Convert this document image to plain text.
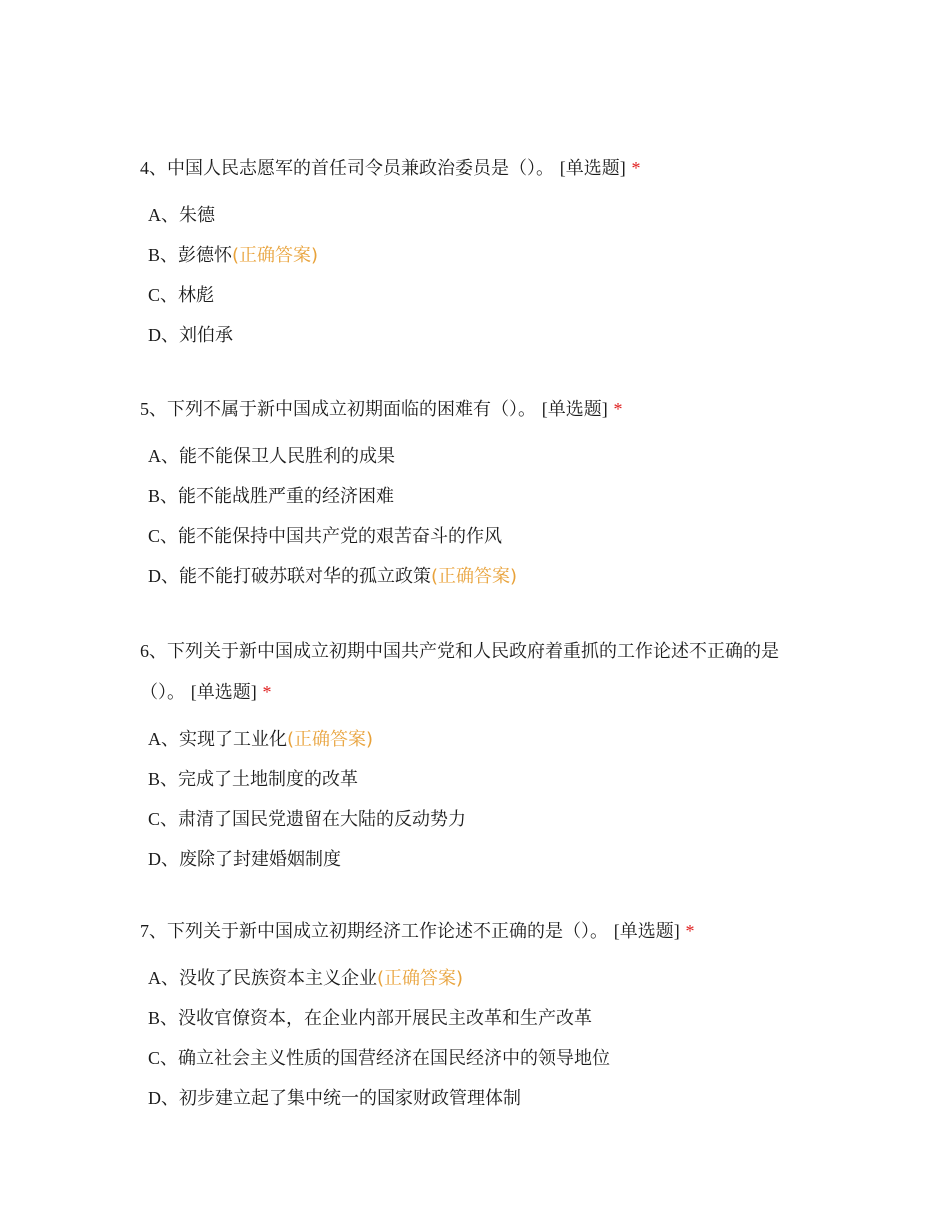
4、中国人民志愿军的首任司令员兼政治委员是（）。 [单选题] *

A、朱德
B、彭德怀(正确答案)
C、林彪
D、刘伯承

5、下列不属于新中国成立初期面临的困难有（）。 [单选题] *

A、能不能保卫人民胜利的成果
B、能不能战胜严重的经济困难
C、能不能保持中国共产党的艰苦奋斗的作风
D、能不能打破苏联对华的孤立政策(正确答案)

6、下列关于新中国成立初期中国共产党和人民政府着重抓的工作论述不正确的是（）。 [单选题] *

A、实现了工业化(正确答案)
B、完成了土地制度的改革
C、肃清了国民党遗留在大陆的反动势力
D、废除了封建婚姻制度

7、下列关于新中国成立初期经济工作论述不正确的是（）。 [单选题] *

A、没收了民族资本主义企业(正确答案)
B、没收官僚资本，在企业内部开展民主改革和生产改革
C、确立社会主义性质的国营经济在国民经济中的领导地位
D、初步建立起了集中统一的国家财政管理体制
